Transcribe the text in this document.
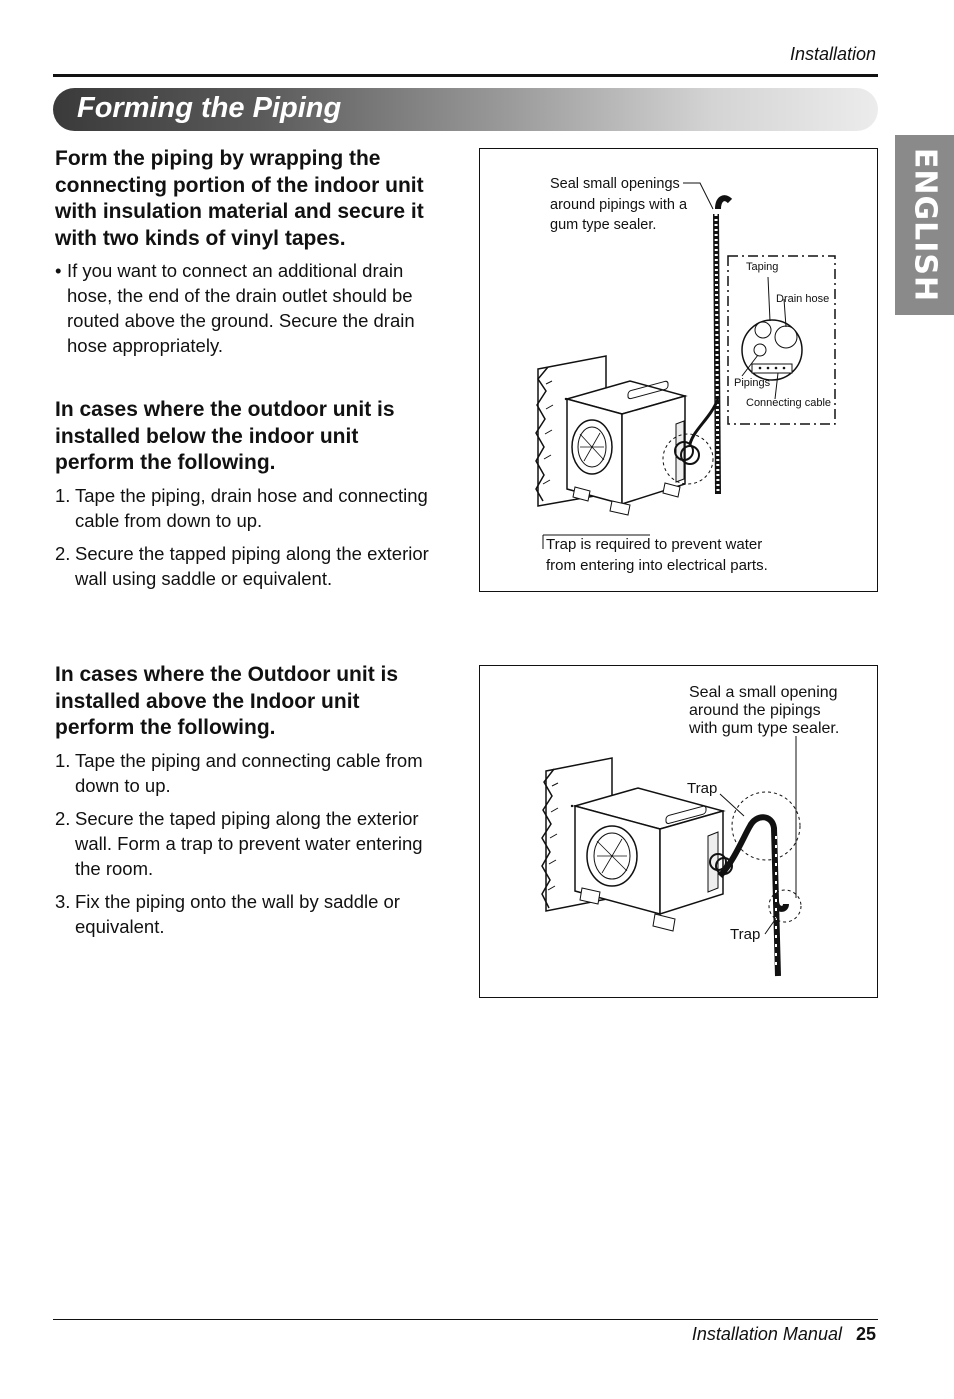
Installation
Forming the Piping
ENGLISH

Form the piping by wrapping the
connecting portion of the indoor unit
with insulation material and secure it
with two kinds of vinyl tapes.

• If you want to connect an additional drain
hose, the end of the drain outlet should be
routed above the ground. Secure the drain
hose appropriately.

In cases where the outdoor unit is
installed below the indoor unit
perform the following.

1. Tape the piping, drain hose and connecting
cable from down to up.
2. Secure the tapped piping along the exterior
wall using saddle or equivalent.

In cases where the Outdoor unit is
installed above the Indoor unit
perform the following.

1. Tape the piping and connecting cable from
down to up.
2. Secure the taped piping along the exterior
wall. Form a trap to prevent water entering
the room.
3. Fix the piping onto the wall by saddle or
equivalent.
Seal small openings
around pipings with a
gum type sealer.
Taping
Drain hose
Pipings
Connecting cable
Trap is required to prevent water
from entering into electrical parts.
Seal a small opening
around the pipings
with gum type sealer.
Trap
Trap
Installation Manual 25
